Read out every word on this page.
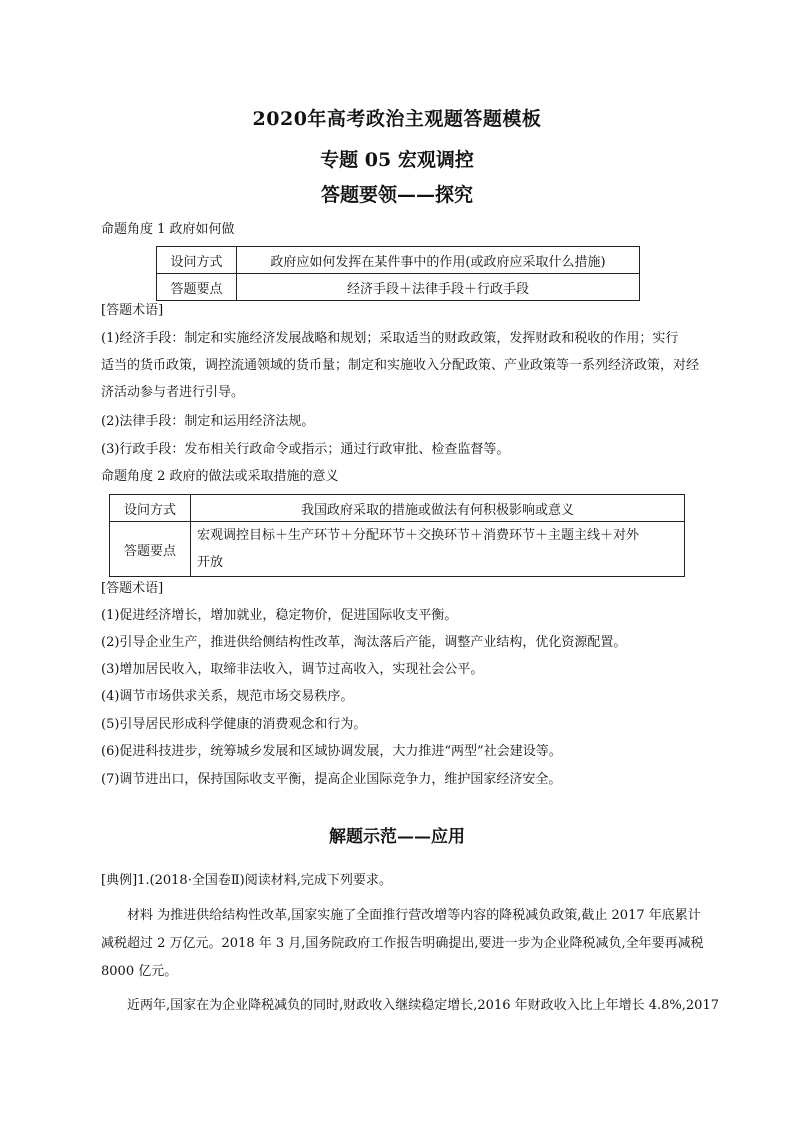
2020年高考政治主观题答题模板
专题 05 宏观调控
答题要领——探究
命题角度 1 政府如何做
设问方式	政府应如何发挥在某件事中的作用(或政府应采取什么措施)
答题要点	经济手段＋法律手段＋行政手段
[答题术语]
(1)经济手段：制定和实施经济发展战略和规划；采取适当的财政政策，发挥财政和税收的作用；实行
适当的货币政策，调控流通领域的货币量；制定和实施收入分配政策、产业政策等一系列经济政策，对经
济活动参与者进行引导。
(2)法律手段：制定和运用经济法规。
(3)行政手段：发布相关行政命令或指示；通过行政审批、检查监督等。
命题角度 2 政府的做法或采取措施的意义
设问方式	我国政府采取的措施或做法有何积极影响或意义
答题要点	宏观调控目标＋生产环节＋分配环节＋交换环节＋消费环节＋主题主线＋对外
开放
[答题术语]
(1)促进经济增长，增加就业，稳定物价，促进国际收支平衡。
(2)引导企业生产，推进供给侧结构性改革，淘汰落后产能，调整产业结构，优化资源配置。
(3)增加居民收入，取缔非法收入，调节过高收入，实现社会公平。
(4)调节市场供求关系，规范市场交易秩序。
(5)引导居民形成科学健康的消费观念和行为。
(6)促进科技进步，统筹城乡发展和区域协调发展，大力推进“两型”社会建设等。
(7)调节进出口，保持国际收支平衡，提高企业国际竞争力，维护国家经济安全。
解题示范——应用
[典例]1.(2018·全国卷Ⅱ)阅读材料,完成下列要求。
　　材料 为推进供给结构性改革,国家实施了全面推行营改增等内容的降税减负政策,截止 2017 年底累计
减税超过 2 万亿元。2018 年 3 月,国务院政府工作报告明确提出,要进一步为企业降税减负,全年要再减税
8000 亿元。
　　近两年,国家在为企业降税减负的同时,财政收入继续稳定增长,2016 年财政收入比上年增长 4.8%,2017
